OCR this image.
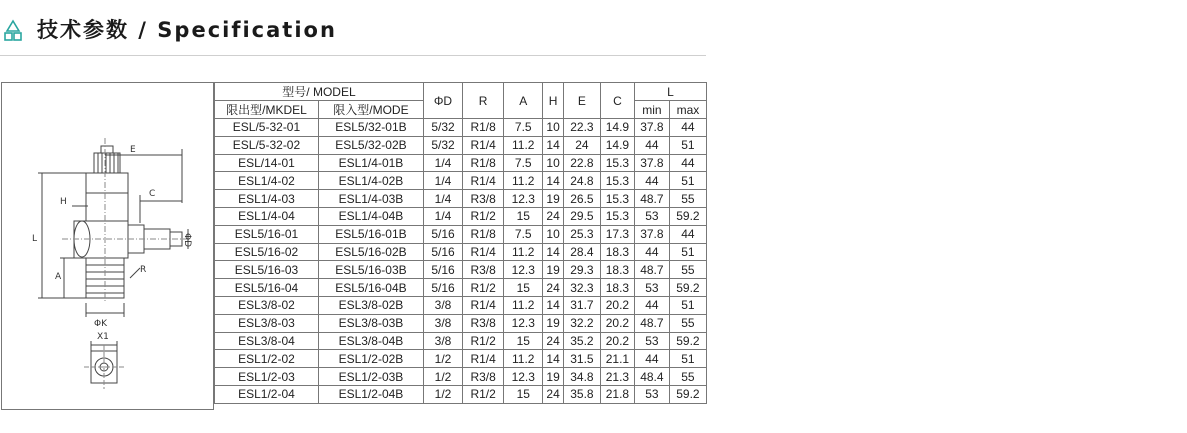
技术参数 / Specification
E
C
H
L
A
R
ΦD
ΦK
X1
型号/ MODEL		ΦD	R	A	H	E	C	L	
限出型/MKDEL	限入型/MODE							min	max
ESL/5-32-01	ESL5/32-01B	5/32	R1/8	7.5	10	22.3	14.9	37.8	44
ESL/5-32-02	ESL5/32-02B	5/32	R1/4	11.2	14	24	14.9	44	51
ESL/14-01	ESL1/4-01B	1/4	R1/8	7.5	10	22.8	15.3	37.8	44
ESL1/4-02	ESL1/4-02B	1/4	R1/4	11.2	14	24.8	15.3	44	51
ESL1/4-03	ESL1/4-03B	1/4	R3/8	12.3	19	26.5	15.3	48.7	55
ESL1/4-04	ESL1/4-04B	1/4	R1/2	15	24	29.5	15.3	53	59.2
ESL5/16-01	ESL5/16-01B	5/16	R1/8	7.5	10	25.3	17.3	37.8	44
ESL5/16-02	ESL5/16-02B	5/16	R1/4	11.2	14	28.4	18.3	44	51
ESL5/16-03	ESL5/16-03B	5/16	R3/8	12.3	19	29.3	18.3	48.7	55
ESL5/16-04	ESL5/16-04B	5/16	R1/2	15	24	32.3	18.3	53	59.2
ESL3/8-02	ESL3/8-02B	3/8	R1/4	11.2	14	31.7	20.2	44	51
ESL3/8-03	ESL3/8-03B	3/8	R3/8	12.3	19	32.2	20.2	48.7	55
ESL3/8-04	ESL3/8-04B	3/8	R1/2	15	24	35.2	20.2	53	59.2
ESL1/2-02	ESL1/2-02B	1/2	R1/4	11.2	14	31.5	21.1	44	51
ESL1/2-03	ESL1/2-03B	1/2	R3/8	12.3	19	34.8	21.3	48.4	55
ESL1/2-04	ESL1/2-04B	1/2	R1/2	15	24	35.8	21.8	53	59.2
